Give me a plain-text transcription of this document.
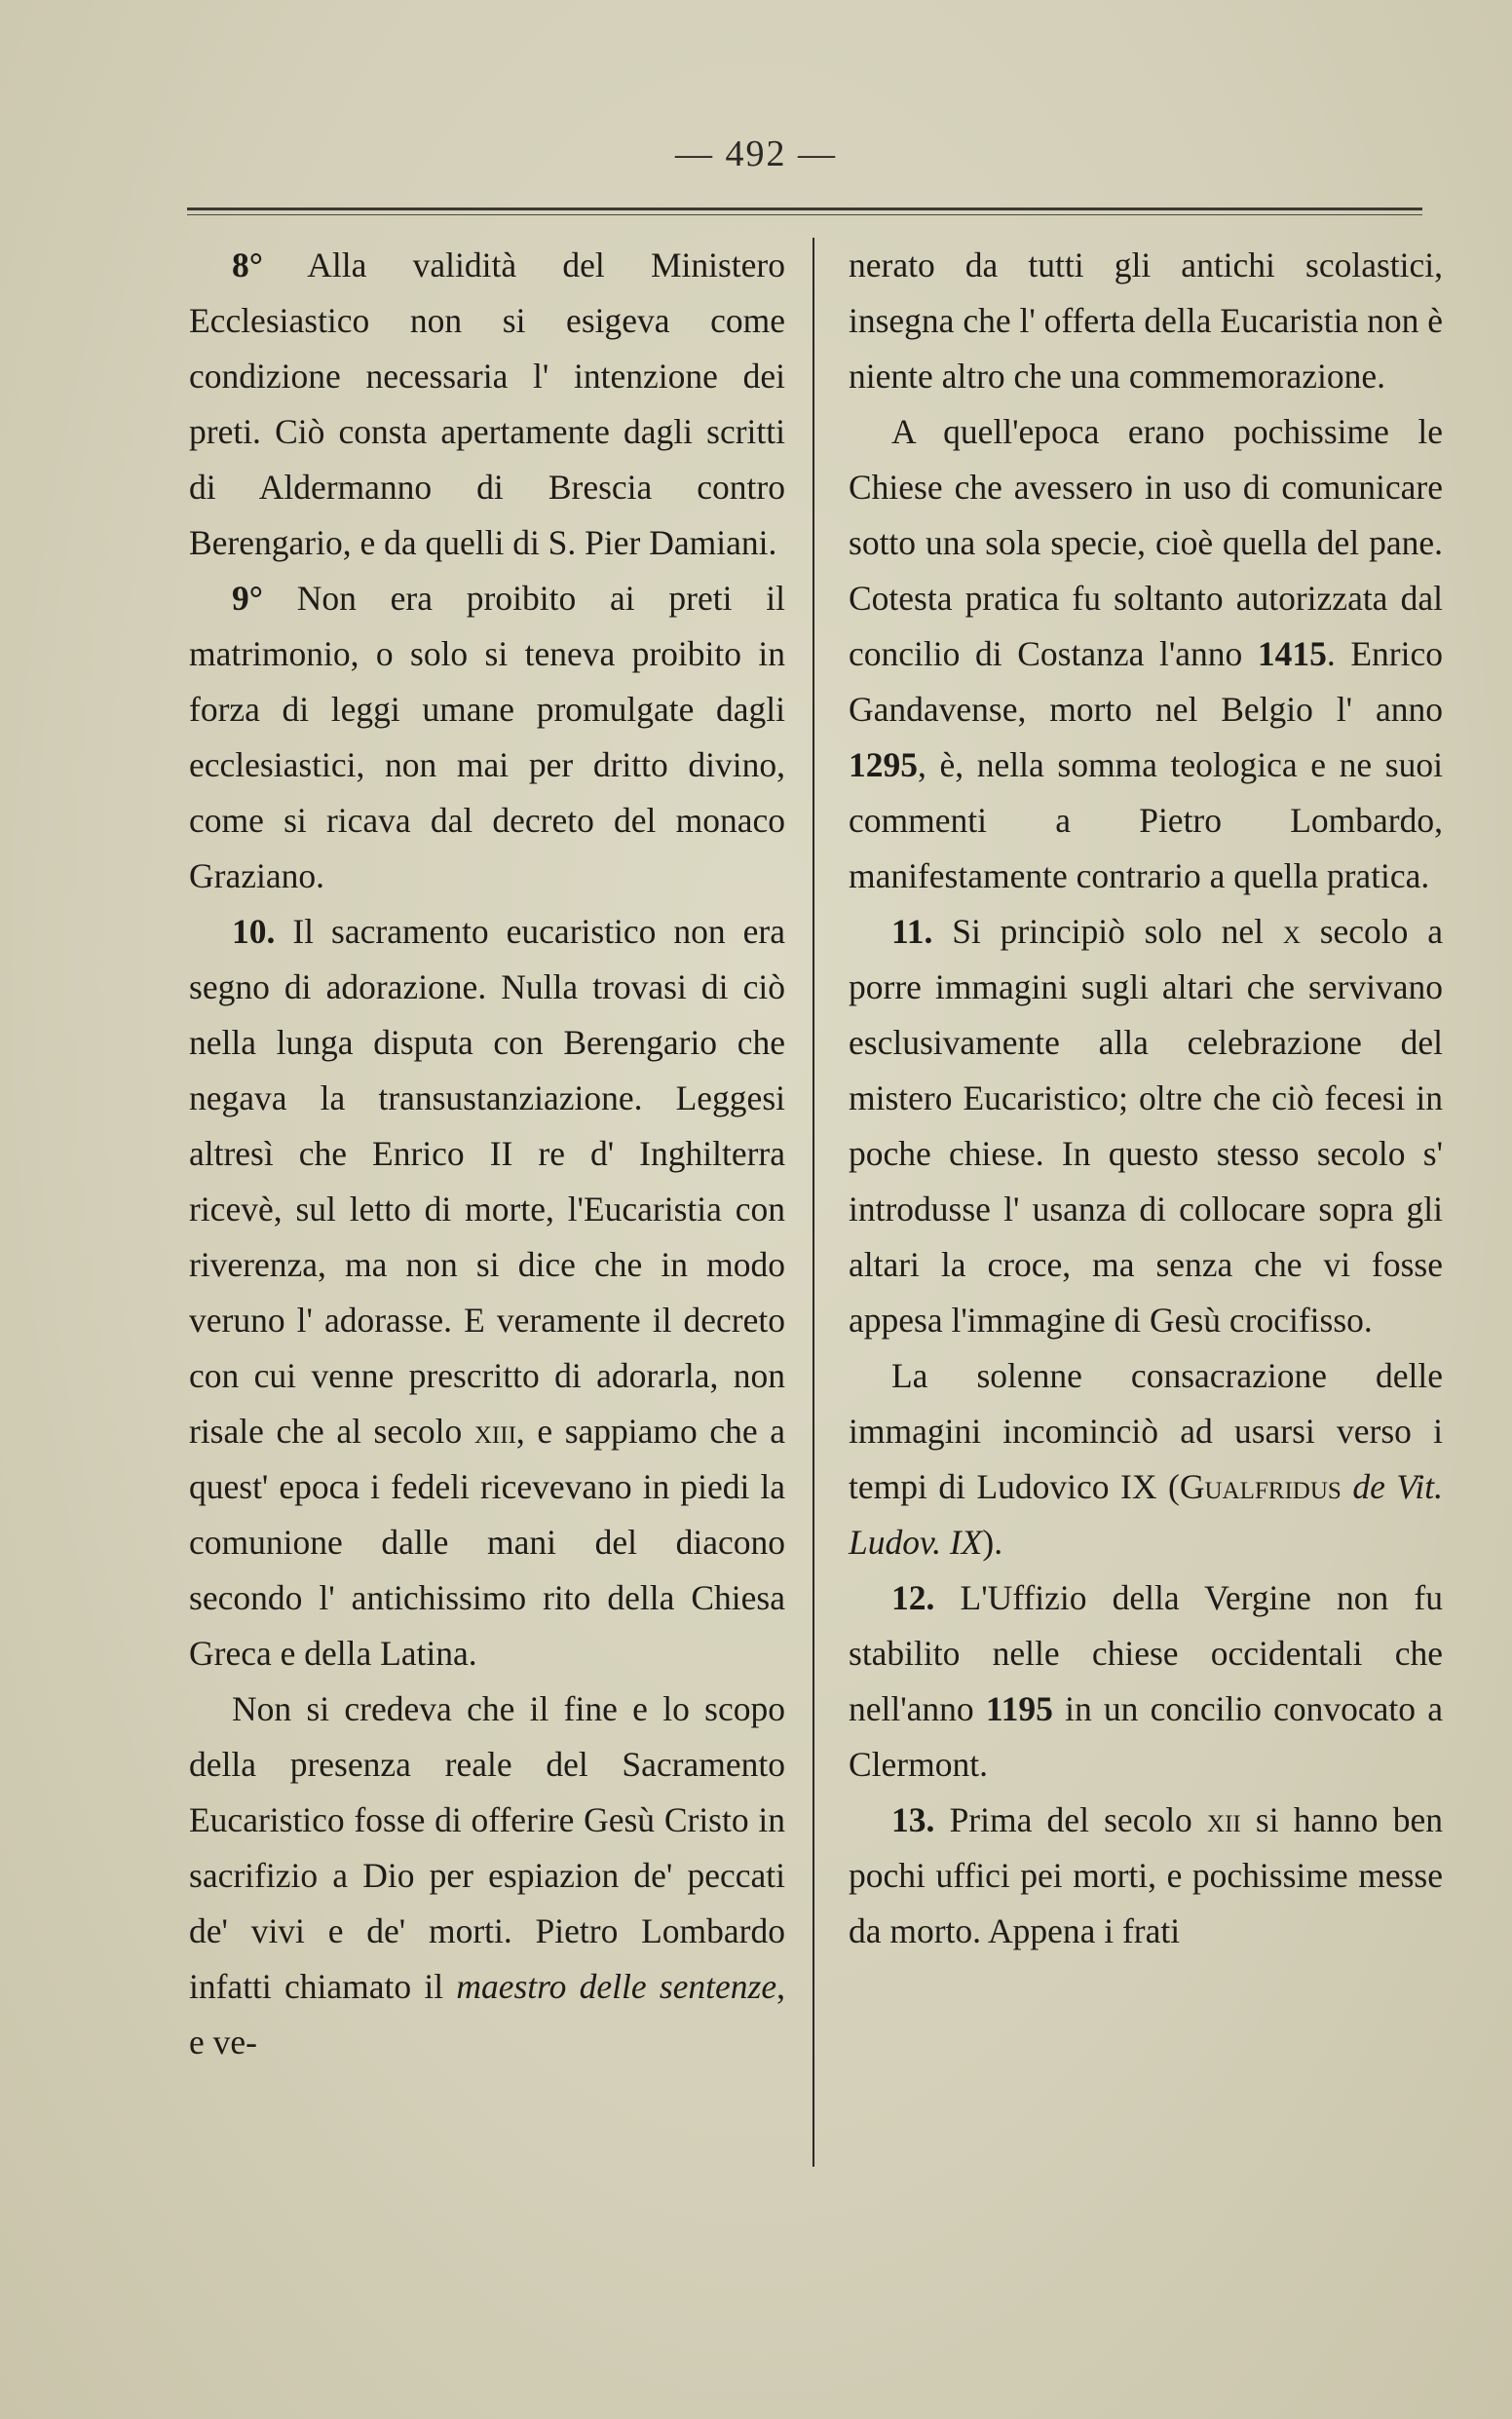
— 492 —

8° Alla validità del Ministero Ecclesiastico non si esigeva come condizione necessaria l' intenzione dei preti. Ciò consta apertamente dagli scritti di Aldermanno di Brescia contro Berengario, e da quelli di S. Pier Damiani.

9° Non era proibito ai preti il matrimonio, o solo si teneva proibito in forza di leggi umane promulgate dagli ecclesiastici, non mai per dritto divino, come si ricava dal decreto del monaco Graziano.

10. Il sacramento eucaristico non era segno di adorazione. Nulla trovasi di ciò nella lunga disputa con Berengario che negava la transustanziazione. Leggesi altresì che Enrico II re d' Inghilterra ricevè, sul letto di morte, l'Eucaristia con riverenza, ma non si dice che in modo veruno l' adorasse. E veramente il decreto con cui venne prescritto di adorarla, non risale che al secolo xiii, e sappiamo che a quest' epoca i fedeli ricevevano in piedi la comunione dalle mani del diacono secondo l' antichissimo rito della Chiesa Greca e della Latina.

Non si credeva che il fine e lo scopo della presenza reale del Sacramento Eucaristico fosse di offerire Gesù Cristo in sacrifizio a Dio per espiazion de' peccati de' vivi e de' morti. Pietro Lombardo infatti chiamato il maestro delle sentenze, e ve-

nerato da tutti gli antichi scolastici, insegna che l' offerta della Eucaristia non è niente altro che una commemorazione.

A quell'epoca erano pochissime le Chiese che avessero in uso di comunicare sotto una sola specie, cioè quella del pane. Cotesta pratica fu soltanto autorizzata dal concilio di Costanza l'anno 1415. Enrico Gandavense, morto nel Belgio l' anno 1295, è, nella somma teologica e ne suoi commenti a Pietro Lombardo, manifestamente contrario a quella pratica.

11. Si principiò solo nel x secolo a porre immagini sugli altari che servivano esclusivamente alla celebrazione del mistero Eucaristico; oltre che ciò fecesi in poche chiese. In questo stesso secolo s' introdusse l' usanza di collocare sopra gli altari la croce, ma senza che vi fosse appesa l'immagine di Gesù crocifisso.

La solenne consacrazione delle immagini incominciò ad usarsi verso i tempi di Ludovico IX (Gualfridus de Vit. Ludov. IX).

12. L'Uffizio della Vergine non fu stabilito nelle chiese occidentali che nell'anno 1195 in un concilio convocato a Clermont.

13. Prima del secolo xii si hanno ben pochi uffici pei morti, e pochissime messe da morto. Appena i frati
